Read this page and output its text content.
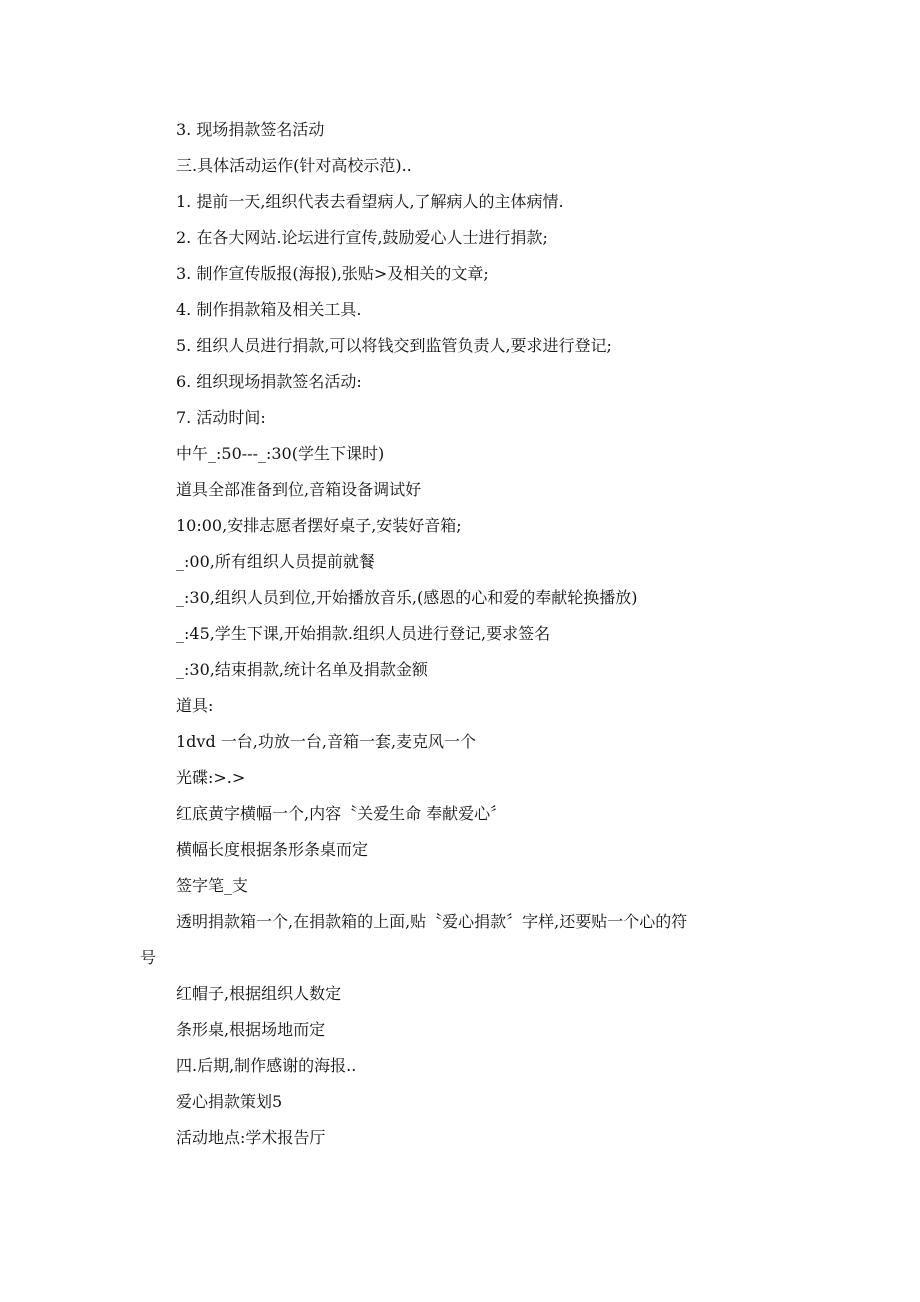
3. 现场捐款签名活动
三.具体活动运作(针对高校示范)..
1. 提前一天,组织代表去看望病人,了解病人的主体病情.
2. 在各大网站.论坛进行宣传,鼓励爱心人士进行捐款;
3. 制作宣传版报(海报),张贴>及相关的文章;
4. 制作捐款箱及相关工具.
5. 组织人员进行捐款,可以将钱交到监管负责人,要求进行登记;
6. 组织现场捐款签名活动:
7. 活动时间:
中午_:50---_:30(学生下课时)
道具全部准备到位,音箱设备调试好
10:00,安排志愿者摆好桌子,安装好音箱;
_:00,所有组织人员提前就餐
_:30,组织人员到位,开始播放音乐,(感恩的心和爱的奉献轮换播放)
_:45,学生下课,开始捐款.组织人员进行登记,要求签名
_:30,结束捐款,统计名单及捐款金额
道具:
1dvd 一台,功放一台,音箱一套,麦克风一个
光碟:>.>
红底黄字横幅一个,内容〝关爱生命 奉献爱心〞
横幅长度根据条形条桌而定
签字笔_支
透明捐款箱一个,在捐款箱的上面,贴〝爱心捐款〞字样,还要贴一个心的符
号
红帽子,根据组织人数定
条形桌,根据场地而定
四.后期,制作感谢的海报..
爱心捐款策划5
活动地点:学术报告厅
